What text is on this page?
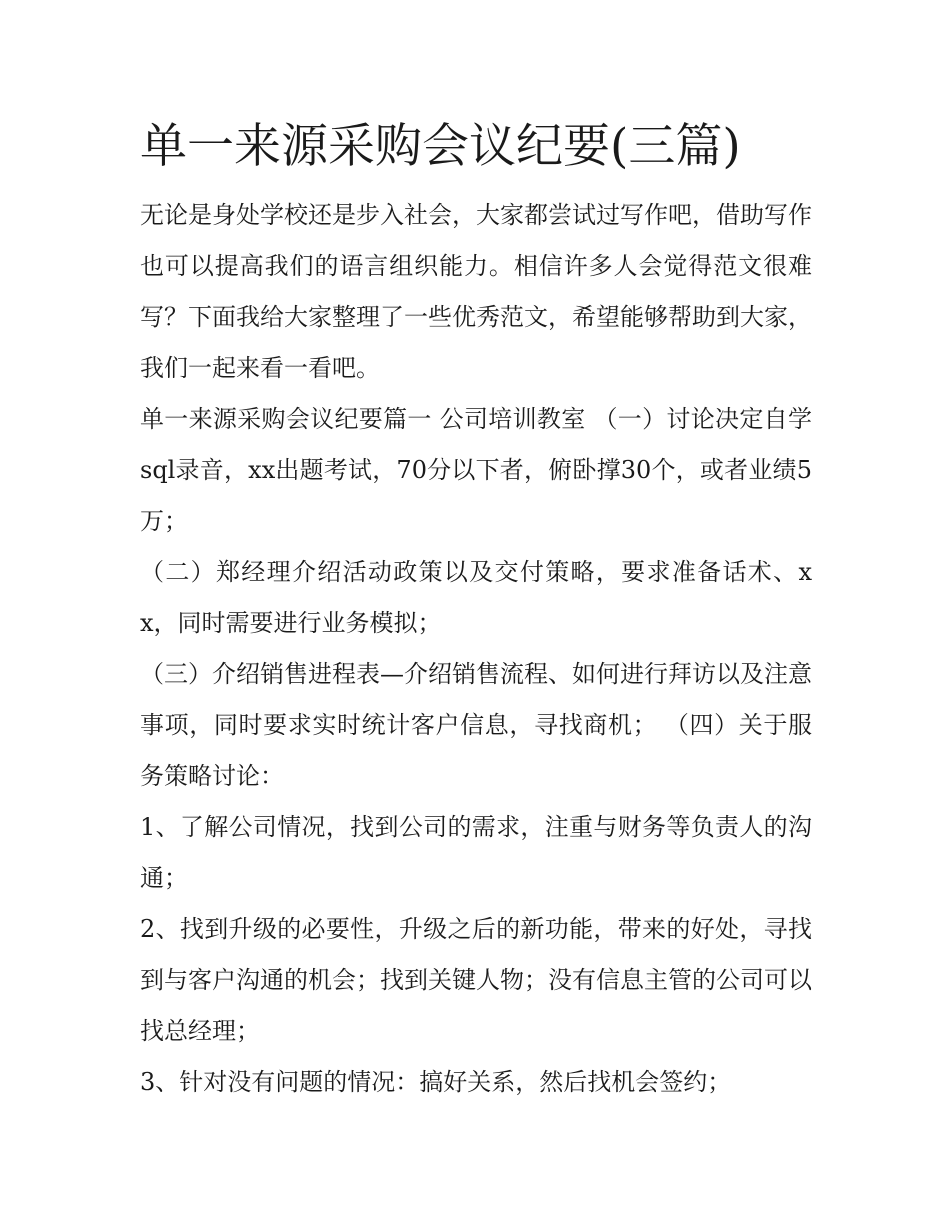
单一来源采购会议纪要(三篇)

无论是身处学校还是步入社会，大家都尝试过写作吧，借助写作也可以提高我们的语言组织能力。相信许多人会觉得范文很难写？下面我给大家整理了一些优秀范文，希望能够帮助到大家，我们一起来看一看吧。

单一来源采购会议纪要篇一 公司培训教室 （一）讨论决定自学sql录音，xx出题考试，70分以下者，俯卧撑30个，或者业绩5万；

（二）郑经理介绍活动政策以及交付策略，要求准备话术、xx，同时需要进行业务模拟；

（三）介绍销售进程表—介绍销售流程、如何进行拜访以及注意事项，同时要求实时统计客户信息，寻找商机； （四）关于服务策略讨论：

1、了解公司情况，找到公司的需求，注重与财务等负责人的沟通；

2、找到升级的必要性，升级之后的新功能，带来的好处，寻找到与客户沟通的机会；找到关键人物；没有信息主管的公司可以找总经理；

3、针对没有问题的情况：搞好关系，然后找机会签约；
